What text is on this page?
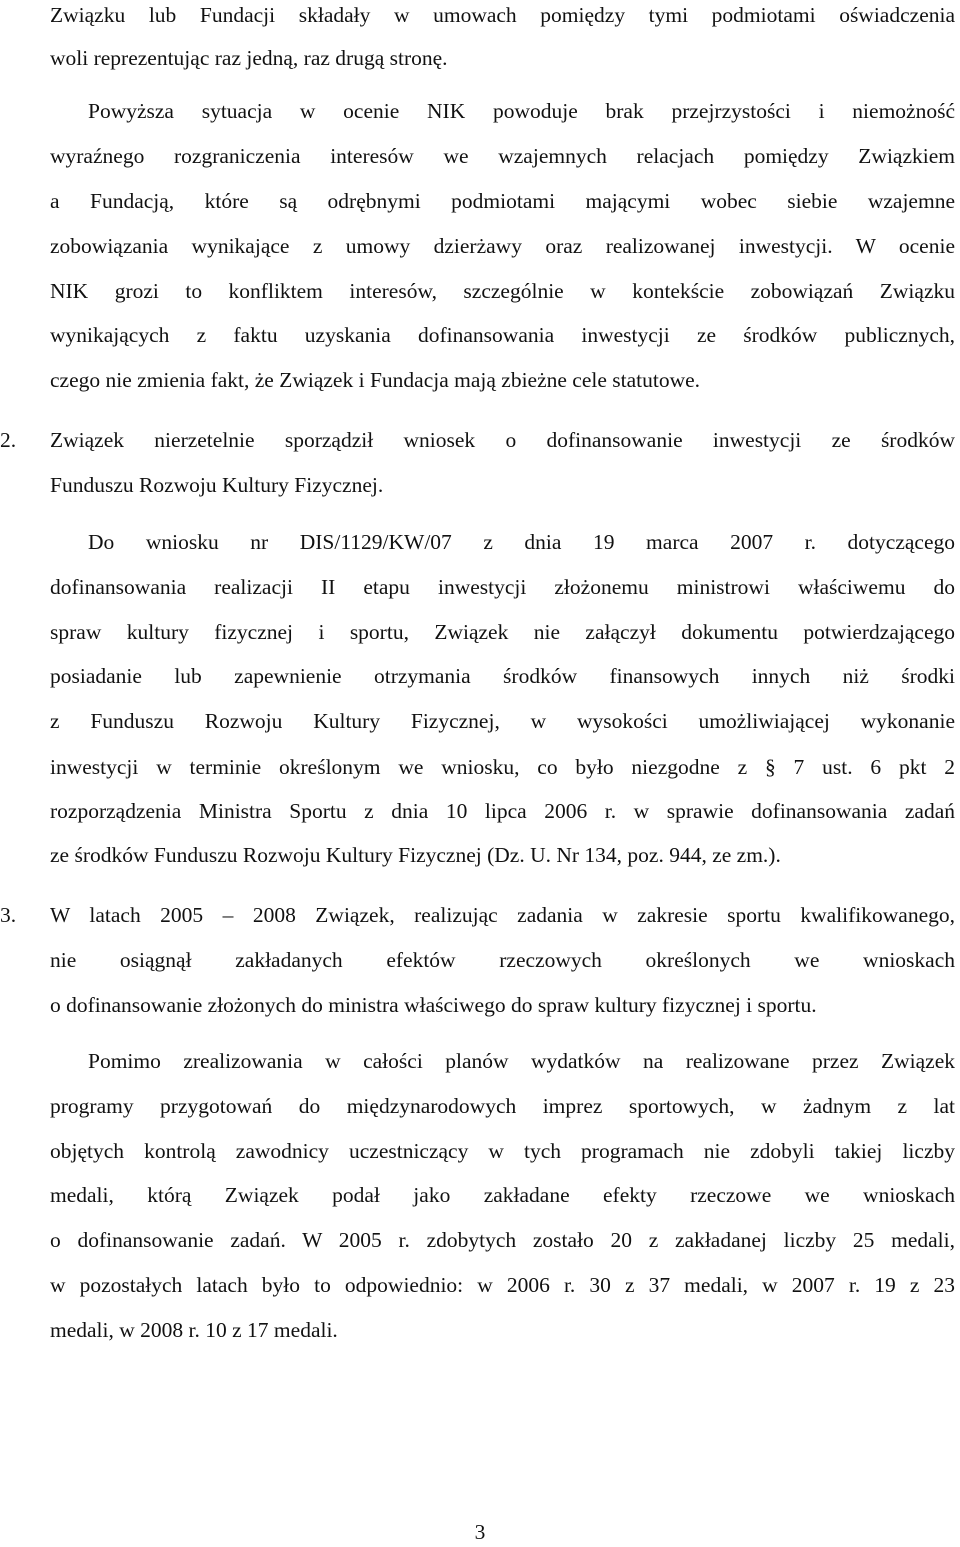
Związku lub Fundacji składały w umowach pomiędzy tymi podmiotami oświadczenia
woli reprezentując raz jedną, raz drugą stronę.
Powyższa sytuacja w ocenie NIK powoduje brak przejrzystości i niemożność
wyraźnego rozgraniczenia interesów we wzajemnych relacjach pomiędzy Związkiem
a Fundacją, które są odrębnymi podmiotami mającymi wobec siebie wzajemne
zobowiązania wynikające z umowy dzierżawy oraz realizowanej inwestycji. W ocenie
NIK grozi to konfliktem interesów, szczególnie w kontekście zobowiązań Związku
wynikających z faktu uzyskania dofinansowania inwestycji ze środków publicznych,
czego nie zmienia fakt, że Związek i Fundacja mają zbieżne cele statutowe.
2. Związek nierzetelnie sporządził wniosek o dofinansowanie inwestycji ze środków
Funduszu Rozwoju Kultury Fizycznej.
Do wniosku nr DIS/1129/KW/07 z dnia 19 marca 2007 r. dotyczącego
dofinansowania realizacji II etapu inwestycji złożonemu ministrowi właściwemu do
spraw kultury fizycznej i sportu, Związek nie załączył dokumentu potwierdzającego
posiadanie lub zapewnienie otrzymania środków finansowych innych niż środki
z Funduszu Rozwoju Kultury Fizycznej, w wysokości umożliwiającej wykonanie
inwestycji w terminie określonym we wniosku, co było niezgodne z § 7 ust. 6 pkt 2
rozporządzenia Ministra Sportu z dnia 10 lipca 2006 r. w sprawie dofinansowania zadań
ze środków Funduszu Rozwoju Kultury Fizycznej (Dz. U. Nr 134, poz. 944, ze zm.).
3. W latach 2005 – 2008 Związek, realizując zadania w zakresie sportu kwalifikowanego,
nie osiągnął zakładanych efektów rzeczowych określonych we wnioskach
o dofinansowanie złożonych do ministra właściwego do spraw kultury fizycznej i sportu.
Pomimo zrealizowania w całości planów wydatków na realizowane przez Związek
programy przygotowań do międzynarodowych imprez sportowych, w żadnym z lat
objętych kontrolą zawodnicy uczestniczący w tych programach nie zdobyli takiej liczby
medali, którą Związek podał jako zakładane efekty rzeczowe we wnioskach
o dofinansowanie zadań. W 2005 r. zdobytych zostało 20 z zakładanej liczby 25 medali,
w pozostałych latach było to odpowiednio: w 2006 r. 30 z 37 medali, w 2007 r. 19 z 23
medali, w 2008 r. 10 z 17 medali.
3
